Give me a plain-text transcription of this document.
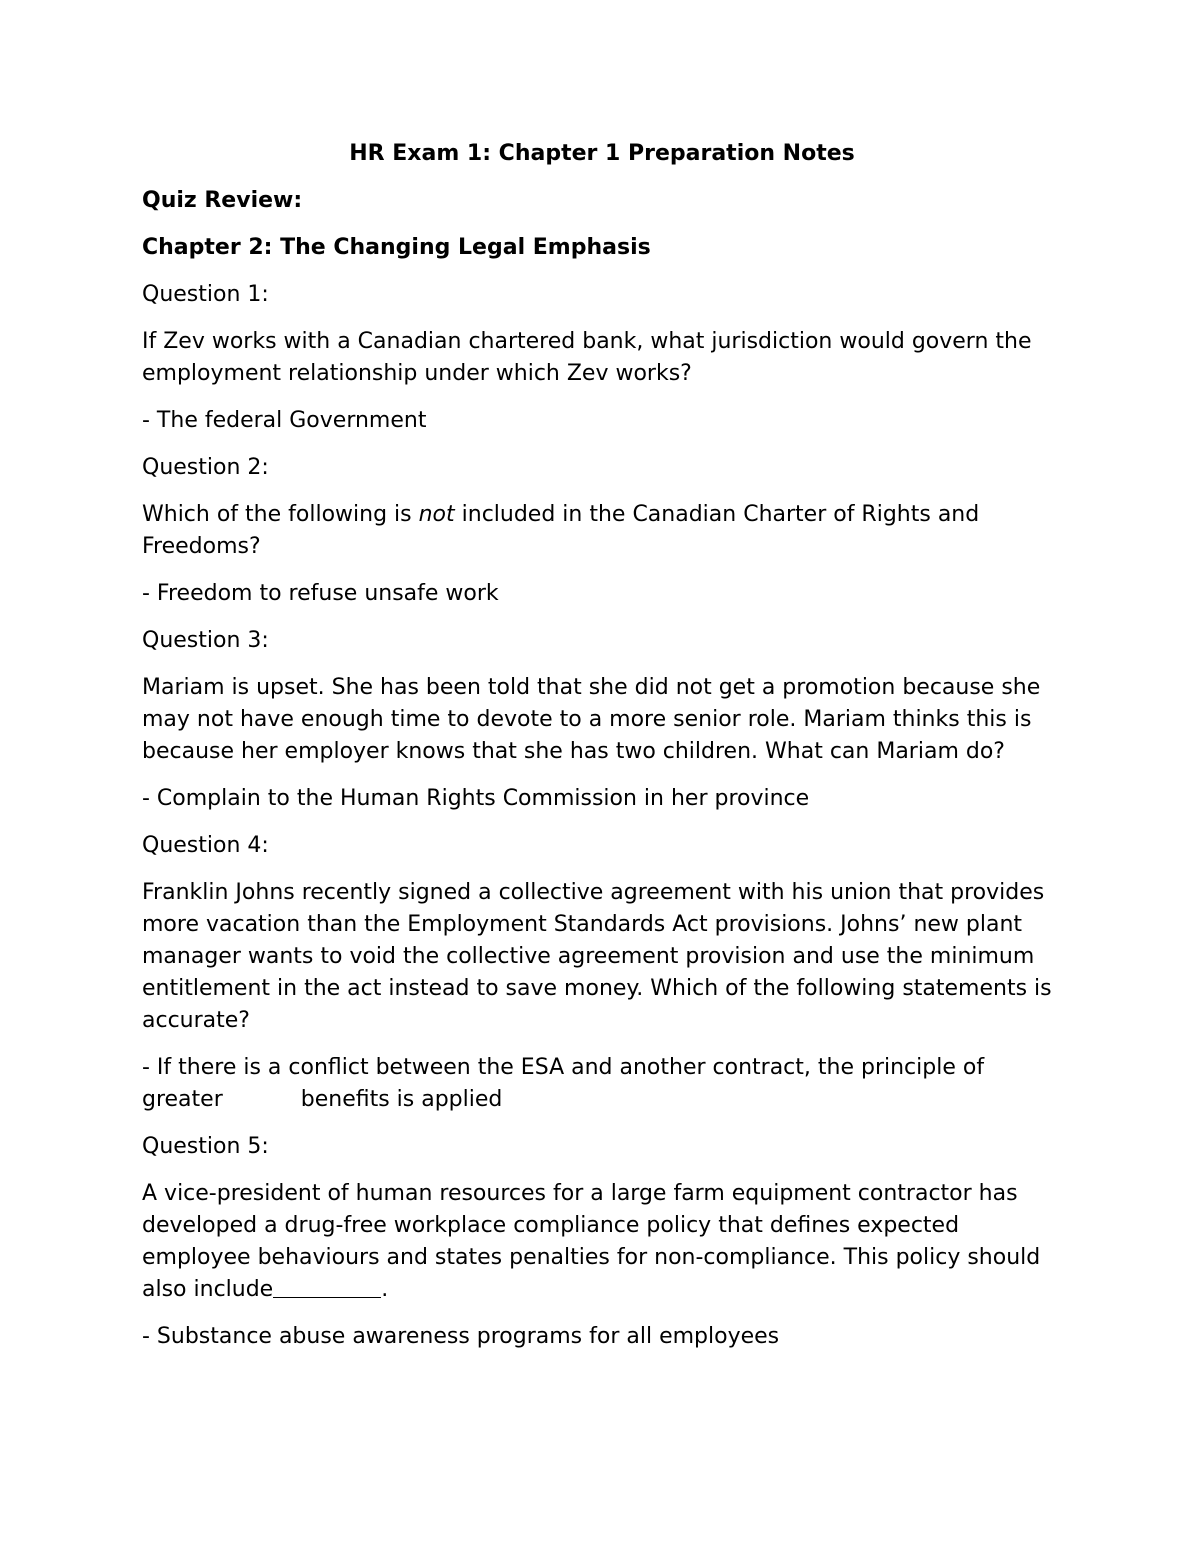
HR Exam 1: Chapter 1 Preparation Notes
Quiz Review:
Chapter 2: The Changing Legal Emphasis
Question 1:
If Zev works with a Canadian chartered bank, what jurisdiction would govern the employment relationship under which Zev works?
- The federal Government
Question 2:
Which of the following is not included in the Canadian Charter of Rights and Freedoms?
- Freedom to refuse unsafe work
Question 3:
Mariam is upset. She has been told that she did not get a promotion because she may not have enough time to devote to a more senior role. Mariam thinks this is because her employer knows that she has two children. What can Mariam do?
- Complain to the Human Rights Commission in her province
Question 4:
Franklin Johns recently signed a collective agreement with his union that provides more vacation than the Employment Standards Act provisions. Johns’ new plant manager wants to void the collective agreement provision and use the minimum entitlement in the act instead to save money. Which of the following statements is accurate?
- If there is a conflict between the ESA and another contract, the principle of greater	benefits is applied
Question 5:
A vice-president of human resources for a large farm equipment contractor has developed a drug-free workplace compliance policy that defines expected employee behaviours and states penalties for non-compliance. This policy should also include	.
- Substance abuse awareness programs for all employees
